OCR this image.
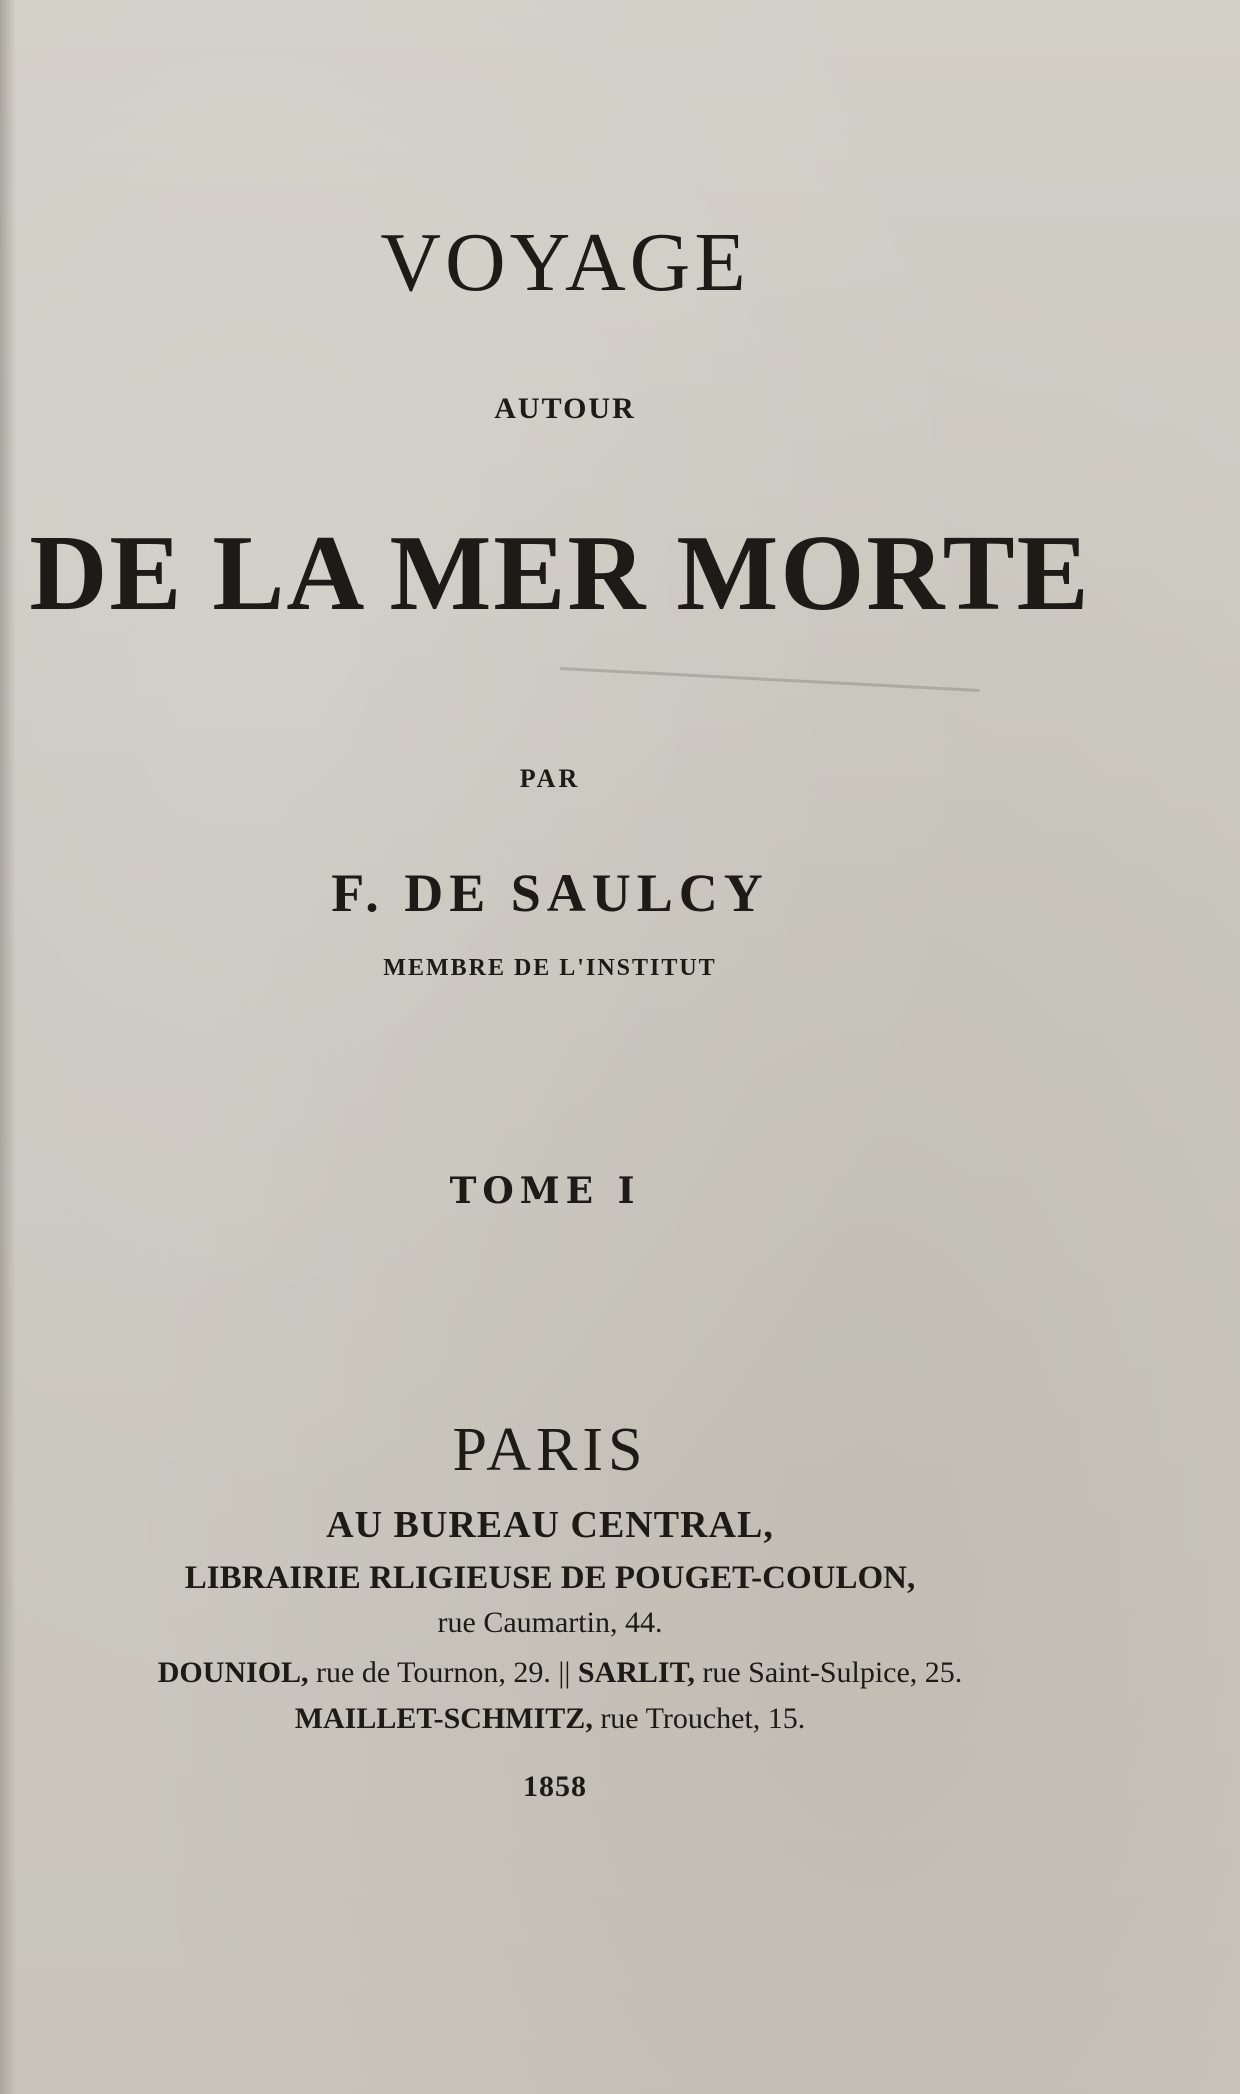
VOYAGE

AUTOUR

DE LA MER MORTE

PAR

F. DE SAULCY

MEMBRE DE L'INSTITUT

TOME I

PARIS

AU BUREAU CENTRAL,

LIBRAIRIE RLIGIEUSE DE POUGET-COULON,

rue Caumartin, 44.

DOUNIOL, rue de Tournon, 29. || SARLIT, rue Saint-Sulpice, 25.

MAILLET-SCHMITZ, rue Trouchet, 15.

1858
